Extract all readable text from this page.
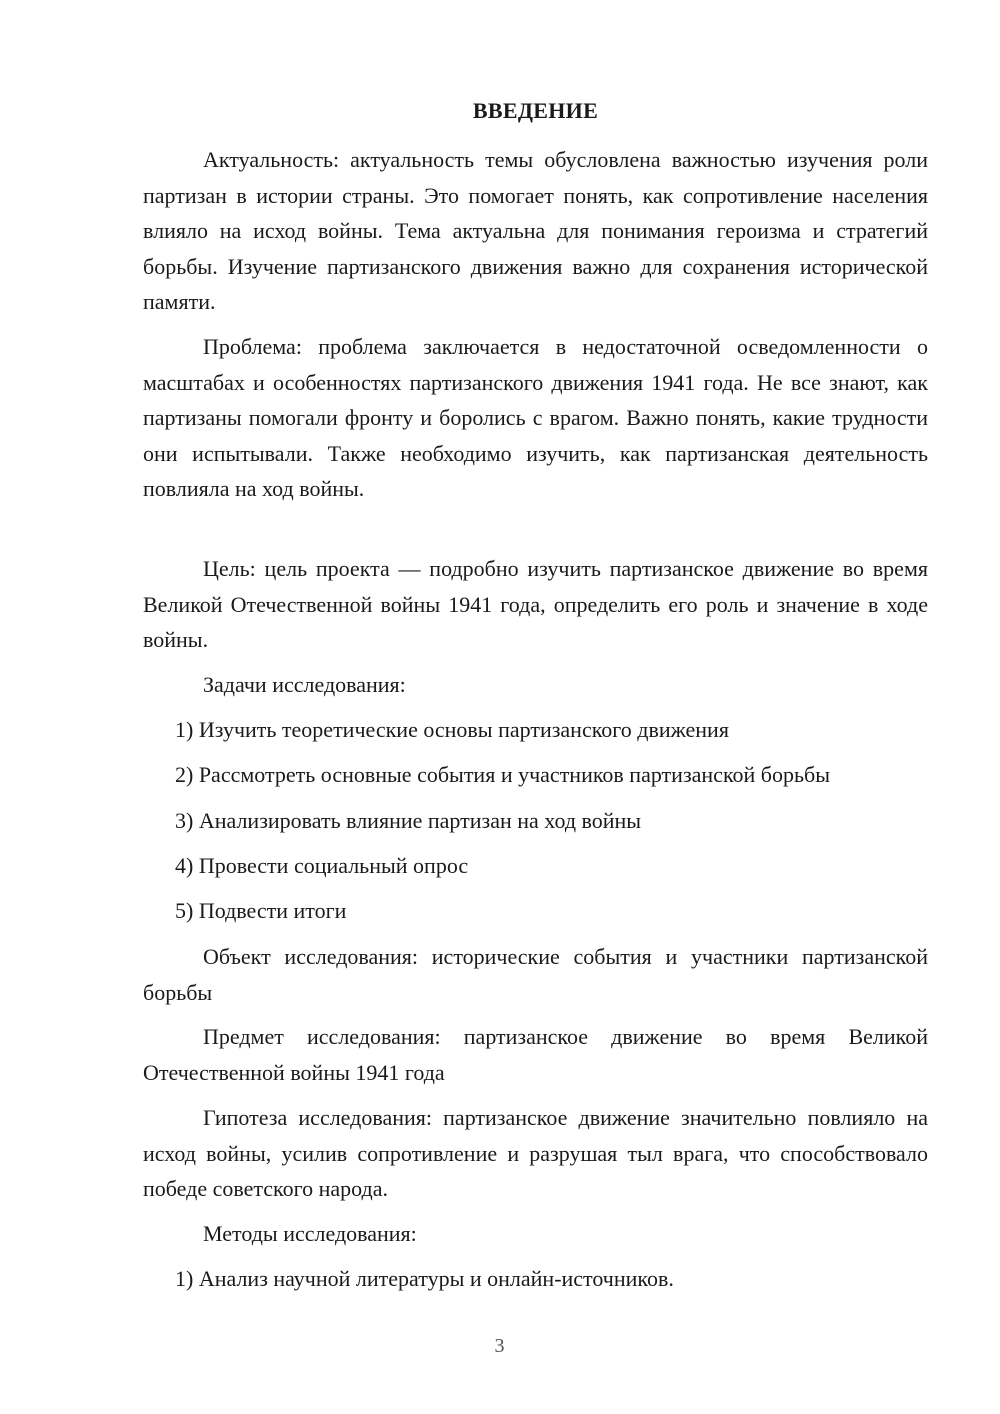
ВВЕДЕНИЕ

Актуальность: актуальность темы обусловлена важностью изучения роли партизан в истории страны. Это помогает понять, как сопротивление населения влияло на исход войны. Тема актуальна для понимания героизма и стратегий борьбы. Изучение партизанского движения важно для сохранения исторической памяти.

Проблема: проблема заключается в недостаточной осведомленности о масштабах и особенностях партизанского движения 1941 года. Не все знают, как партизаны помогали фронту и боролись с врагом. Важно понять, какие трудности они испытывали. Также необходимо изучить, как партизанская деятельность повлияла на ход войны.

Цель: цель проекта — подробно изучить партизанское движение во время Великой Отечественной войны 1941 года, определить его роль и значение в ходе войны.

Задачи исследования:

1) Изучить теоретические основы партизанского движения

2) Рассмотреть основные события и участников партизанской борьбы

3) Анализировать влияние партизан на ход войны

4) Провести социальный опрос

5) Подвести итоги

Объект исследования: исторические события и участники партизанской борьбы

Предмет исследования: партизанское движение во время Великой Отечественной войны 1941 года

Гипотеза исследования: партизанское движение значительно повлияло на исход войны, усилив сопротивление и разрушая тыл врага, что способствовало победе советского народа.

Методы исследования:

1) Анализ научной литературы и онлайн-источников.

3
